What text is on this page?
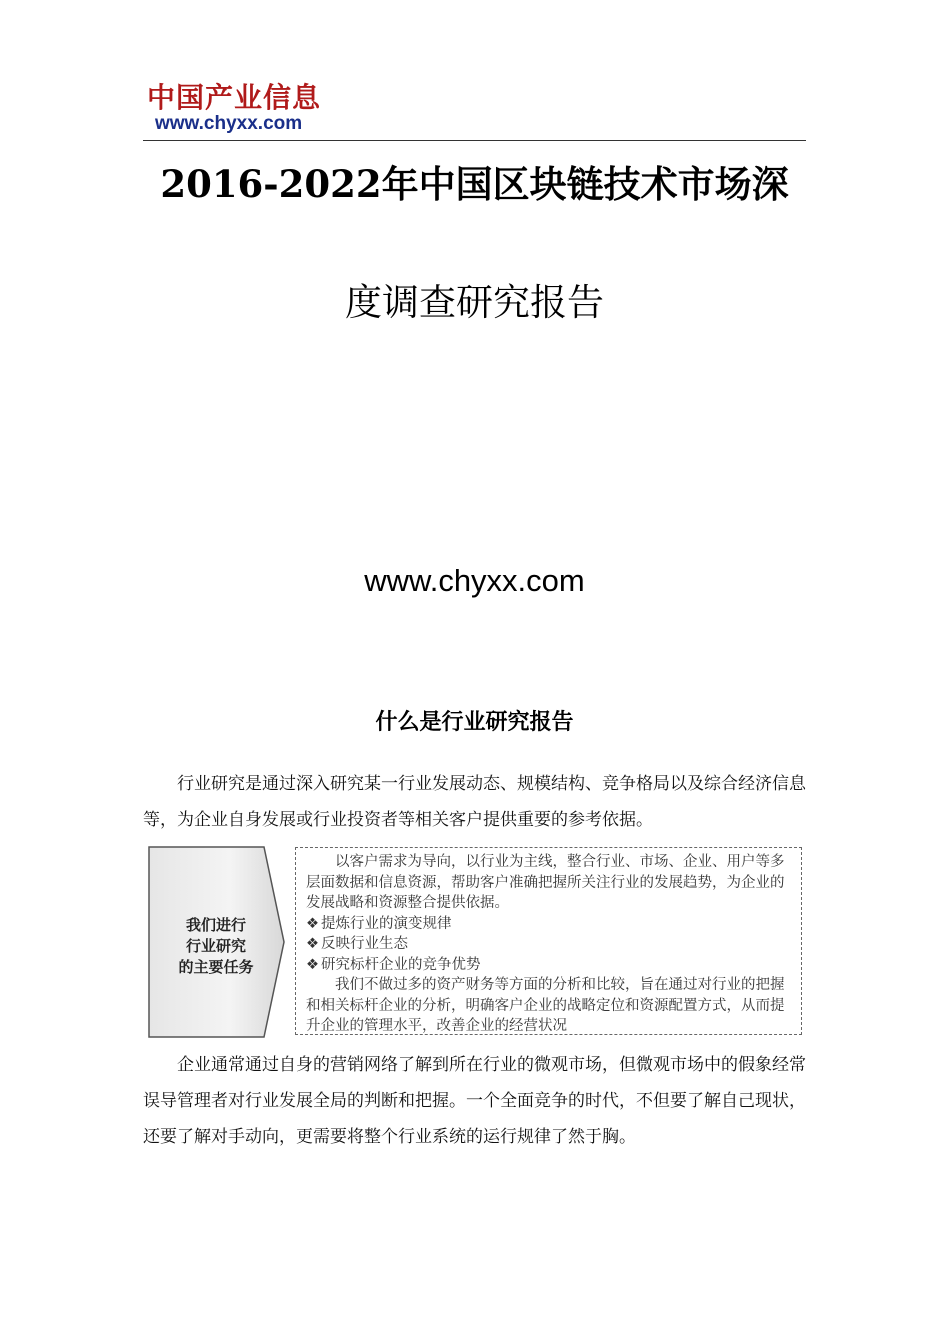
中国产业信息
www.chyxx.com
2016-2022年中国区块链技术市场深
度调查研究报告
www.chyxx.com
什么是行业研究报告

行业研究是通过深入研究某一行业发展动态、规模结构、竞争格局以及综合经济信息等，为企业自身发展或行业投资者等相关客户提供重要的参考依据。

我们进行
行业研究
的主要任务

以客户需求为导向，以行业为主线，整合行业、市场、企业、用户等多层面数据和信息资源，帮助客户准确把握所关注行业的发展趋势，为企业的发展战略和资源整合提供依据。

❖ 提炼行业的演变规律

❖ 反映行业生态

❖ 研究标杆企业的竞争优势

我们不做过多的资产财务等方面的分析和比较，旨在通过对行业的把握和相关标杆企业的分析，明确客户企业的战略定位和资源配置方式，从而提升企业的管理水平，改善企业的经营状况

企业通常通过自身的营销网络了解到所在行业的微观市场，但微观市场中的假象经常误导管理者对行业发展全局的判断和把握。一个全面竞争的时代，不但要了解自己现状，还要了解对手动向，更需要将整个行业系统的运行规律了然于胸。
